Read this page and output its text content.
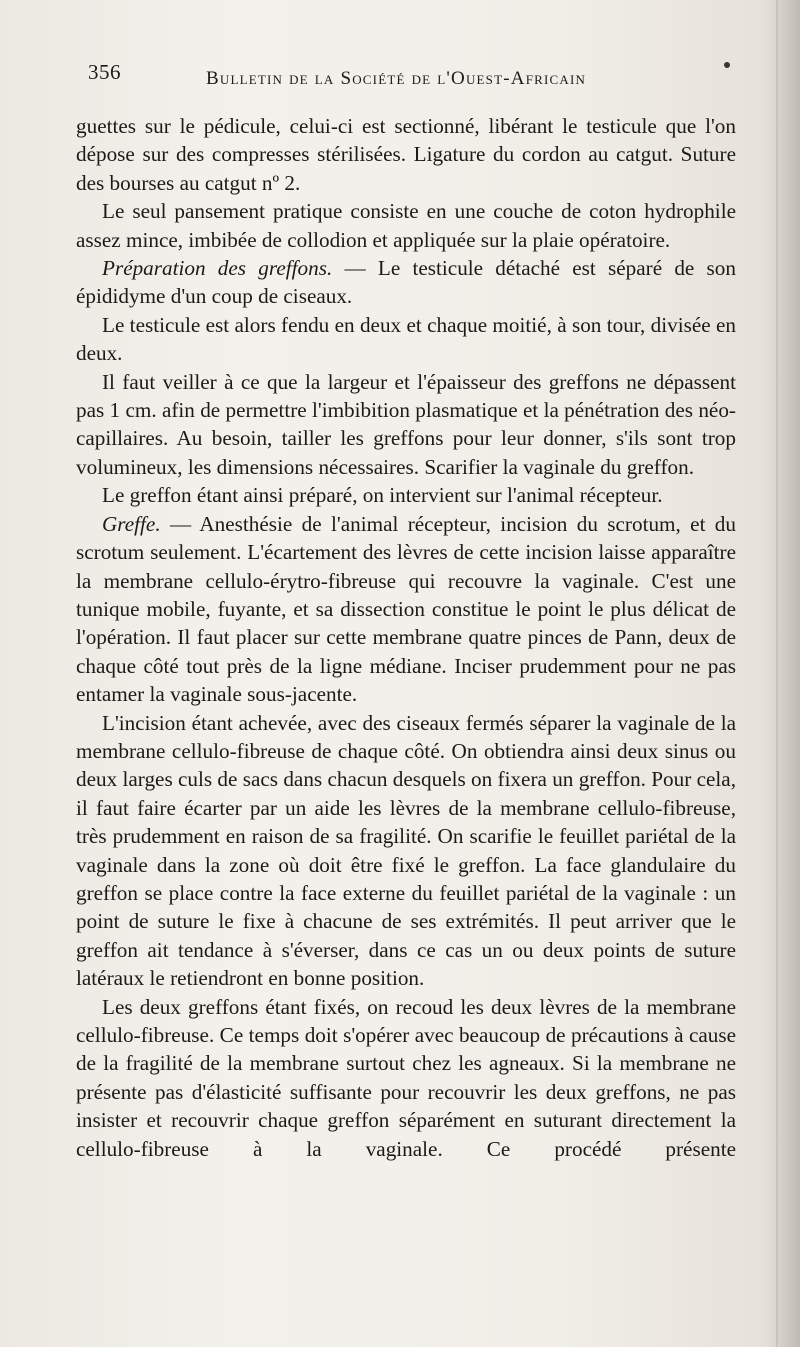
356	Bulletin de la Société de l'Ouest-Africain

guettes sur le pédicule, celui-ci est sectionné, libérant le testicule que l'on dépose sur des compresses stérilisées. Ligature du cordon au catgut. Suture des bourses au catgut nº 2.

Le seul pansement pratique consiste en une couche de coton hydrophile assez mince, imbibée de collodion et appliquée sur la plaie opératoire.

Préparation des greffons. — Le testicule détaché est séparé de son épididyme d'un coup de ciseaux.

Le testicule est alors fendu en deux et chaque moitié, à son tour, divisée en deux.

Il faut veiller à ce que la largeur et l'épaisseur des greffons ne dépassent pas 1 cm. afin de permettre l'imbibition plasmatique et la pénétration des néo-capillaires. Au besoin, tailler les greffons pour leur donner, s'ils sont trop volumineux, les dimensions nécessaires. Scarifier la vaginale du greffon.

Le greffon étant ainsi préparé, on intervient sur l'animal récepteur.

Greffe. — Anesthésie de l'animal récepteur, incision du scrotum, et du scrotum seulement. L'écartement des lèvres de cette incision laisse apparaître la membrane cellulo-érytro-fibreuse qui recouvre la vaginale. C'est une tunique mobile, fuyante, et sa dissection constitue le point le plus délicat de l'opération. Il faut placer sur cette membrane quatre pinces de Pann, deux de chaque côté tout près de la ligne médiane. Inciser prudemment pour ne pas entamer la vaginale sous-jacente.

L'incision étant achevée, avec des ciseaux fermés séparer la vaginale de la membrane cellulo-fibreuse de chaque côté. On obtiendra ainsi deux sinus ou deux larges culs de sacs dans chacun desquels on fixera un greffon. Pour cela, il faut faire écarter par un aide les lèvres de la membrane cellulo-fibreuse, très prudemment en raison de sa fragilité. On scarifie le feuillet pariétal de la vaginale dans la zone où doit être fixé le greffon. La face glandulaire du greffon se place contre la face externe du feuillet pariétal de la vaginale : un point de suture le fixe à chacune de ses extrémités. Il peut arriver que le greffon ait tendance à s'éverser, dans ce cas un ou deux points de suture latéraux le retiendront en bonne position.

Les deux greffons étant fixés, on recoud les deux lèvres de la membrane cellulo-fibreuse. Ce temps doit s'opérer avec beaucoup de précautions à cause de la fragilité de la membrane surtout chez les agneaux. Si la membrane ne présente pas d'élasticité suffisante pour recouvrir les deux greffons, ne pas insister et recouvrir chaque greffon séparément en suturant directement la cellulo-fibreuse à la vaginale. Ce procédé présente
